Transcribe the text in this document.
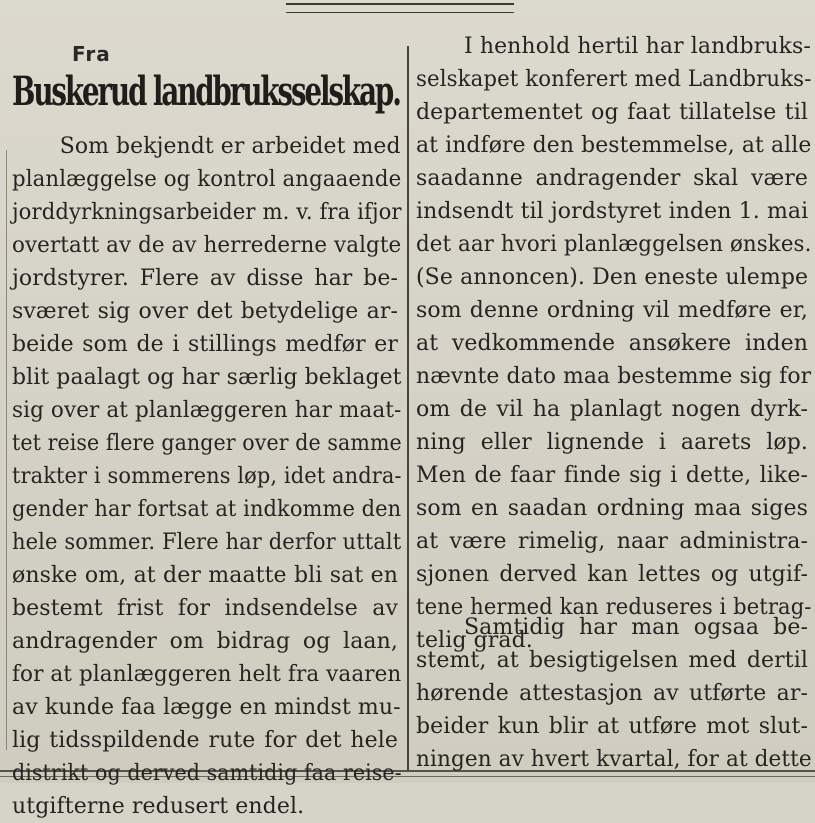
Fra
Buskerud landbruksselskap.
Som bekjendt er arbeidet med
planlæggelse og kontrol angaaende
jorddyrkningsarbeider m. v. fra ifjor
overtatt av de av herrederne valgte
jordstyrer. Flere av disse har be-
sværet sig over det betydelige ar-
beide som de i stillings medfør er
blit paalagt og har særlig beklaget
sig over at planlæggeren har maat-
tet reise flere ganger over de samme
trakter i sommerens løp, idet andra-
gender har fortsat at indkomme den
hele sommer. Flere har derfor uttalt
ønske om, at der maatte bli sat en
bestemt frist for indsendelse av
andragender om bidrag og laan,
for at planlæggeren helt fra vaaren
av kunde faa lægge en mindst mu-
lig tidsspildende rute for det hele
distrikt og derved samtidig faa reise-
utgifterne redusert endel.
I henhold hertil har landbruks-
selskapet konferert med Landbruks-
departementet og faat tillatelse til
at indføre den bestemmelse, at alle
saadanne andragender skal være
indsendt til jordstyret inden 1. mai
det aar hvori planlæggelsen ønskes.
(Se annoncen). Den eneste ulempe
som denne ordning vil medføre er,
at vedkommende ansøkere inden
nævnte dato maa bestemme sig for
om de vil ha planlagt nogen dyrk-
ning eller lignende i aarets løp.
Men de faar finde sig i dette, like-
som en saadan ordning maa siges
at være rimelig, naar administra-
sjonen derved kan lettes og utgif-
tene hermed kan reduseres i betrag-
telig grad.
Samtidig har man ogsaa be-
stemt, at besigtigelsen med dertil
hørende attestasjon av utførte ar-
beider kun blir at utføre mot slut-
ningen av hvert kvartal, for at dette
